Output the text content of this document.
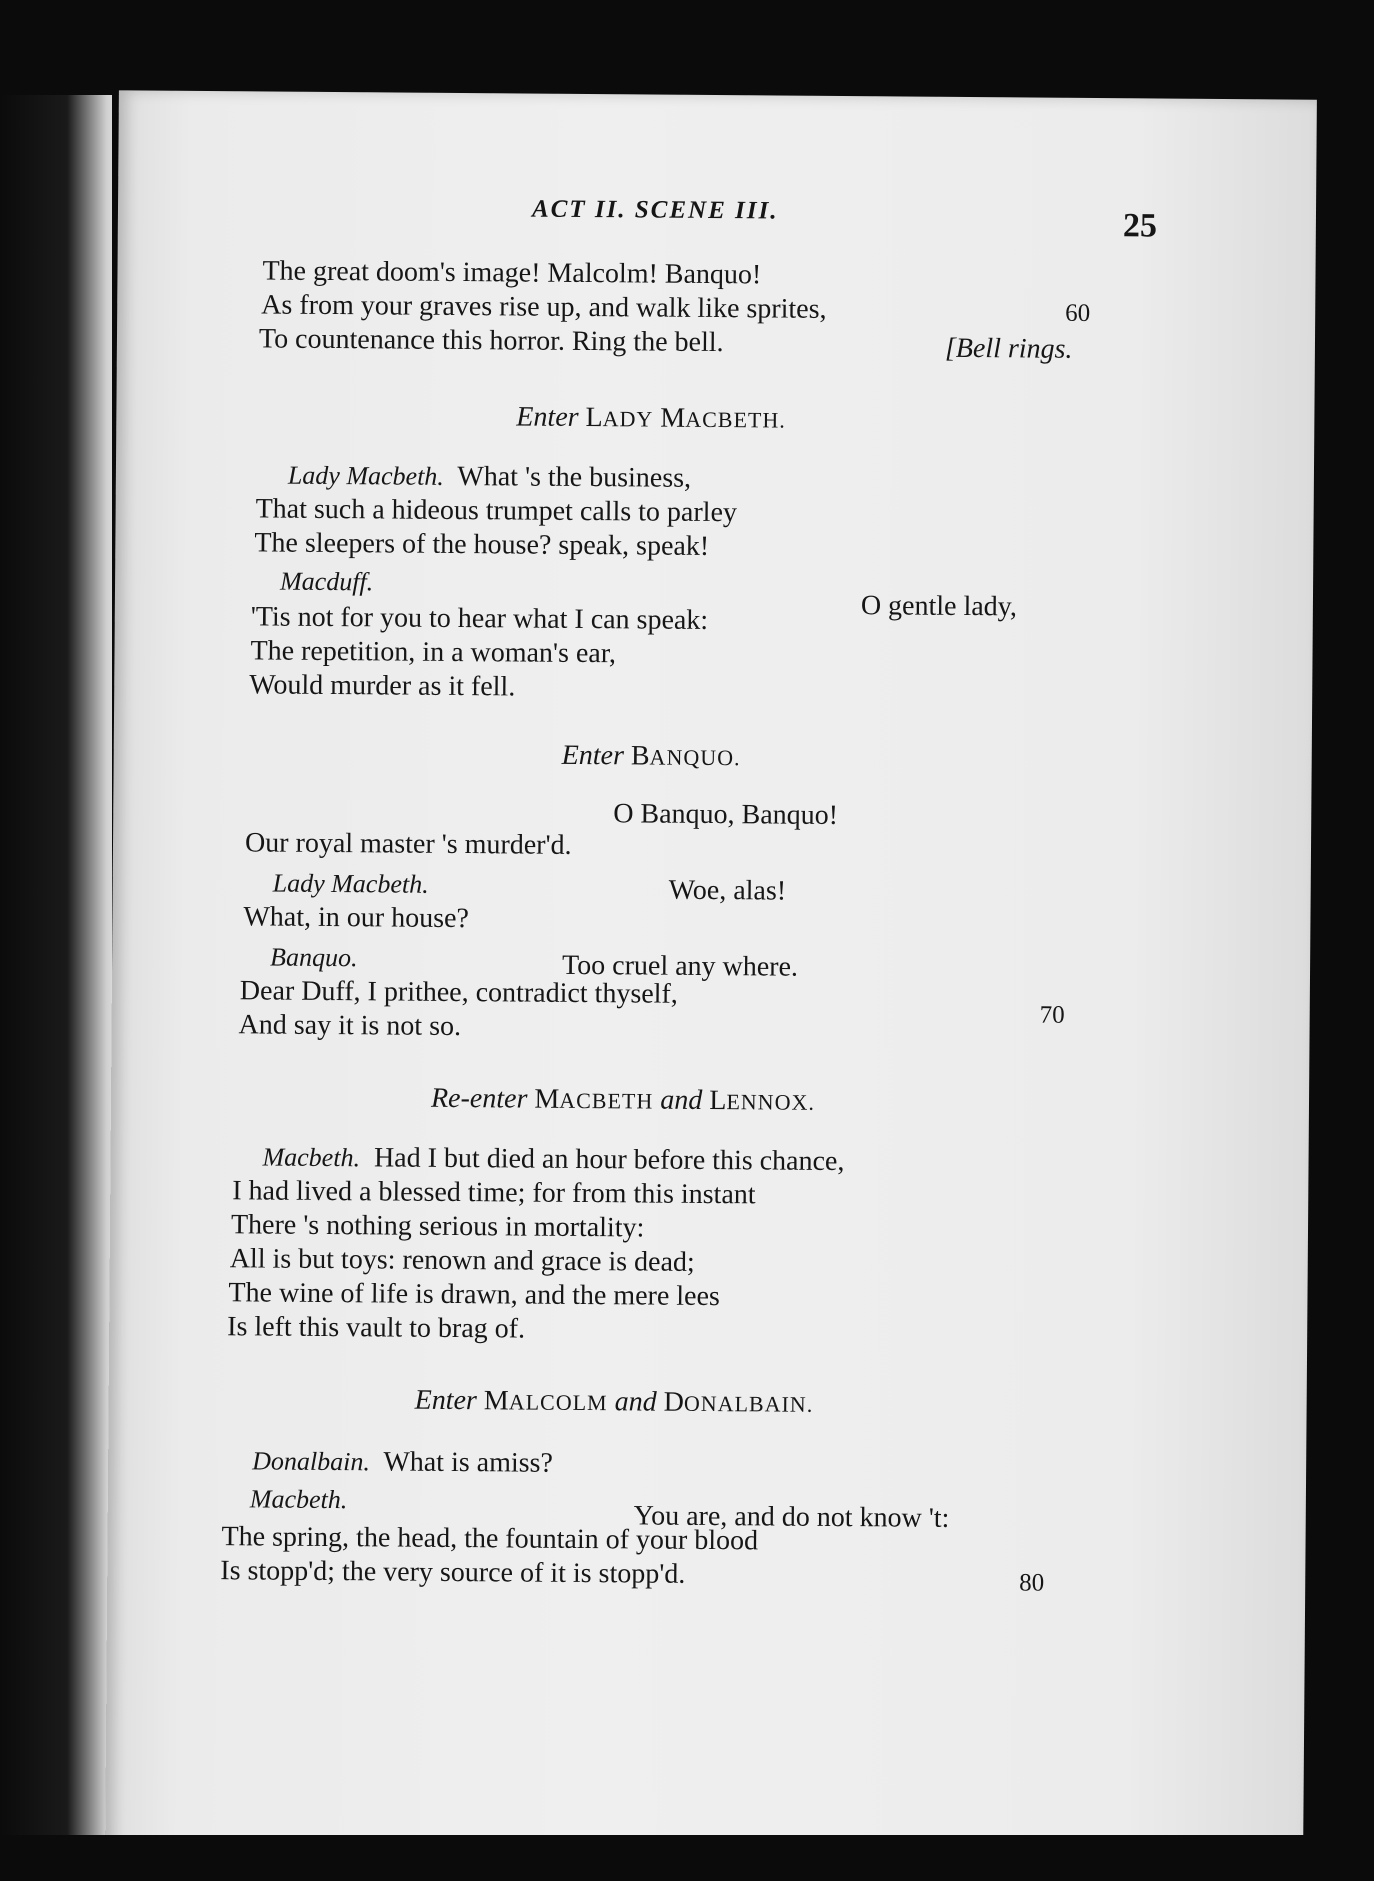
ACT II. SCENE III.	25
The great doom's image! Malcolm! Banquo!
As from your graves rise up, and walk like sprites,	60
To countenance this horror. Ring the bell.	[Bell rings.
Enter LADY MACBETH.
Lady Macbeth. What 's the business,
That such a hideous trumpet calls to parley
The sleepers of the house? speak, speak!
Macduff.
O gentle lady,
'Tis not for you to hear what I can speak:
The repetition, in a woman's ear,
Would murder as it fell.
Enter BANQUO.
O Banquo, Banquo!
Our royal master 's murder'd.
Lady Macbeth.	Woe, alas!
What, in our house?
Banquo.	Too cruel any where.
Dear Duff, I prithee, contradict thyself,
70
And say it is not so.
Re-enter MACBETH and LENNOX.
Macbeth. Had I but died an hour before this chance,
I had lived a blessed time; for from this instant
There 's nothing serious in mortality:
All is but toys: renown and grace is dead;
The wine of life is drawn, and the mere lees
Is left this vault to brag of.
Enter MALCOLM and DONALBAIN.
Donalbain. What is amiss?
Macbeth.
You are, and do not know 't:
The spring, the head, the fountain of your blood
Is stopp'd; the very source of it is stopp'd.	80
